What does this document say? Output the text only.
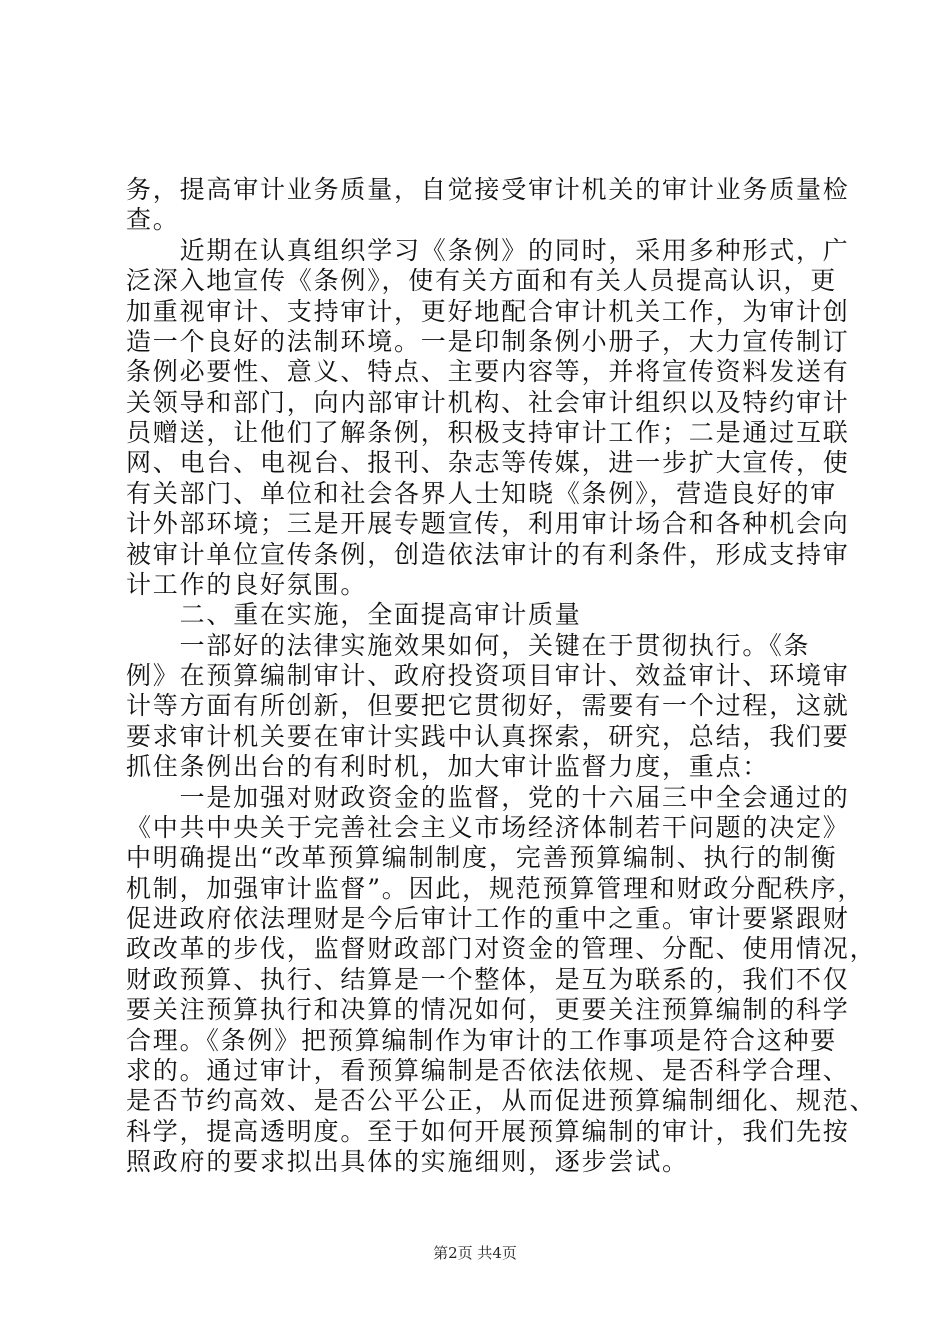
务，提高审计业务质量，自觉接受审计机关的审计业务质量检
查。
　　近期在认真组织学习《条例》的同时，采用多种形式，广
泛深入地宣传《条例》，使有关方面和有关人员提高认识，更
加重视审计、支持审计，更好地配合审计机关工作，为审计创
造一个良好的法制环境。一是印制条例小册子，大力宣传制订
条例必要性、意义、特点、主要内容等，并将宣传资料发送有
关领导和部门，向内部审计机构、社会审计组织以及特约审计
员赠送，让他们了解条例，积极支持审计工作；二是通过互联
网、电台、电视台、报刊、杂志等传媒，进一步扩大宣传，使
有关部门、单位和社会各界人士知晓《条例》，营造良好的审
计外部环境；三是开展专题宣传，利用审计场合和各种机会向
被审计单位宣传条例，创造依法审计的有利条件，形成支持审
计工作的良好氛围。
　　二、重在实施，全面提高审计质量
　　一部好的法律实施效果如何，关键在于贯彻执行。《条
例》在预算编制审计、政府投资项目审计、效益审计、环境审
计等方面有所创新，但要把它贯彻好，需要有一个过程，这就
要求审计机关要在审计实践中认真探索，研究，总结，我们要
抓住条例出台的有利时机，加大审计监督力度，重点：
　　一是加强对财政资金的监督，党的十六届三中全会通过的
《中共中央关于完善社会主义市场经济体制若干问题的决定》
中明确提出“改革预算编制制度，完善预算编制、执行的制衡
机制，加强审计监督”。因此，规范预算管理和财政分配秩序，
促进政府依法理财是今后审计工作的重中之重。审计要紧跟财
政改革的步伐，监督财政部门对资金的管理、分配、使用情况，
财政预算、执行、结算是一个整体，是互为联系的，我们不仅
要关注预算执行和决算的情况如何，更要关注预算编制的科学
合理。《条例》把预算编制作为审计的工作事项是符合这种要
求的。通过审计，看预算编制是否依法依规、是否科学合理、
是否节约高效、是否公平公正，从而促进预算编制细化、规范、
科学，提高透明度。至于如何开展预算编制的审计，我们先按
照政府的要求拟出具体的实施细则，逐步尝试。
第2页 共4页
